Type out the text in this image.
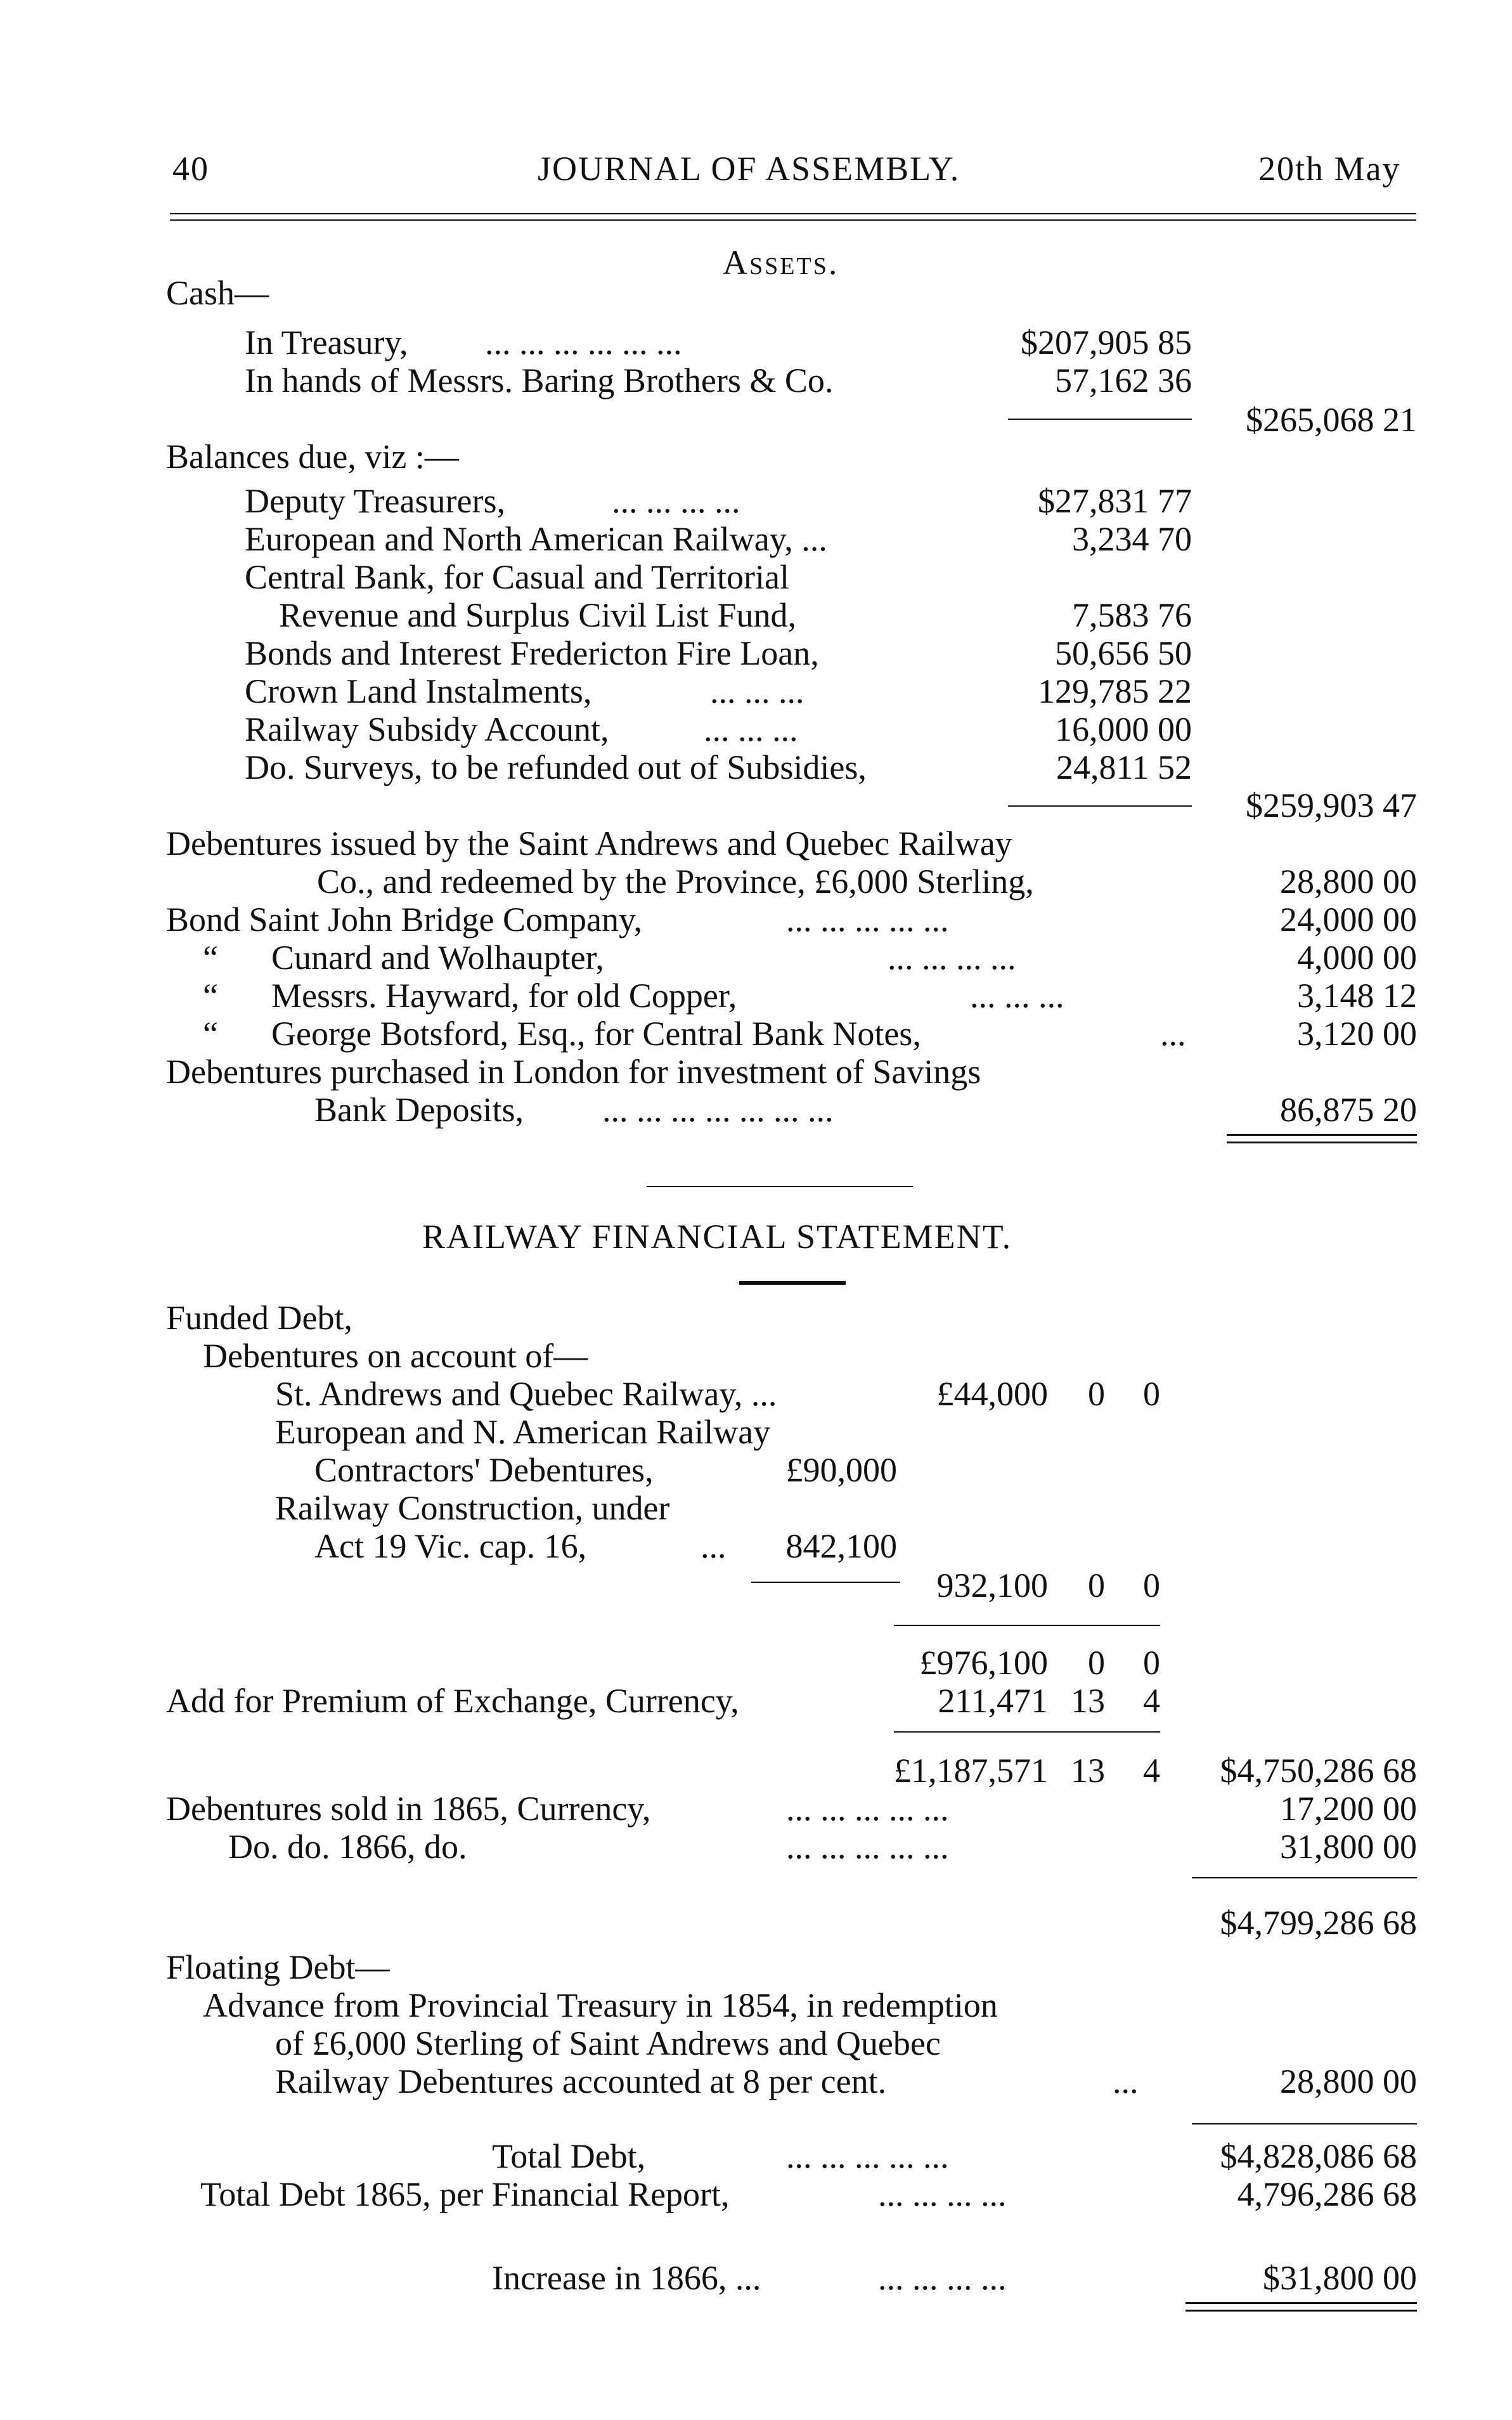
40	JOURNAL OF ASSEMBLY.	20th May
Assets.
Cash—
In Treasury, ... ... ... ... ... ...	$207,905 85
In hands of Messrs. Baring Brothers & Co.	57,162 36
$265,068 21
Balances due, viz :—
Deputy Treasurers,	... ... ... ...	$27,831 77
European and North American Railway, ...	3,234 70
Central Bank, for Casual and Territorial
Revenue and Surplus Civil List Fund,	7,583 76
Bonds and Interest Fredericton Fire Loan,	50,656 50
Crown Land Instalments,	... ... ...	129,785 22
Railway Subsidy Account,	... ... ...	16,000 00
Do. Surveys, to be refunded out of Subsidies,	24,811 52
$259,903 47
Debentures issued by the Saint Andrews and Quebec Railway
Co., and redeemed by the Province, £6,000 Sterling,	28,800 00
Bond Saint John Bridge Company,	... ... ... ... ...	24,000 00
“ Cunard and Wolhaupter,	... ... ... ...	4,000 00
“ Messrs. Hayward, for old Copper,	... ... ...	3,148 12
“ George Botsford, Esq., for Central Bank Notes,	...	3,120 00
Debentures purchased in London for investment of Savings
Bank Deposits, ... ... ... ... ... ... ...	86,875 20
RAILWAY FINANCIAL STATEMENT.
Funded Debt,
Debentures on account of—
St. Andrews and Quebec Railway, ...	£44,000 0 0
European and N. American Railway
Contractors' Debentures,	£90,000
Railway Construction, under
Act 19 Vic. cap. 16,	... 842,100
932,100 0 0
£976,100 0 0
Add for Premium of Exchange, Currency,	211,471 13 4
£1,187,571 13 4 $4,750,286 68
Debentures sold in 1865, Currency,	... ... ... ... ...	17,200 00
Do. do. 1866, do.	... ... ... ... ...	31,800 00
$4,799,286 68
Floating Debt—
Advance from Provincial Treasury in 1854, in redemption
of £6,000 Sterling of Saint Andrews and Quebec
Railway Debentures accounted at 8 per cent.	...	28,800 00
Total Debt,	... ... ... ... ...	$4,828,086 68
Total Debt 1865, per Financial Report,	... ... ... ...	4,796,286 68
Increase in 1866, ...	... ... ... ...	$31,800 00
